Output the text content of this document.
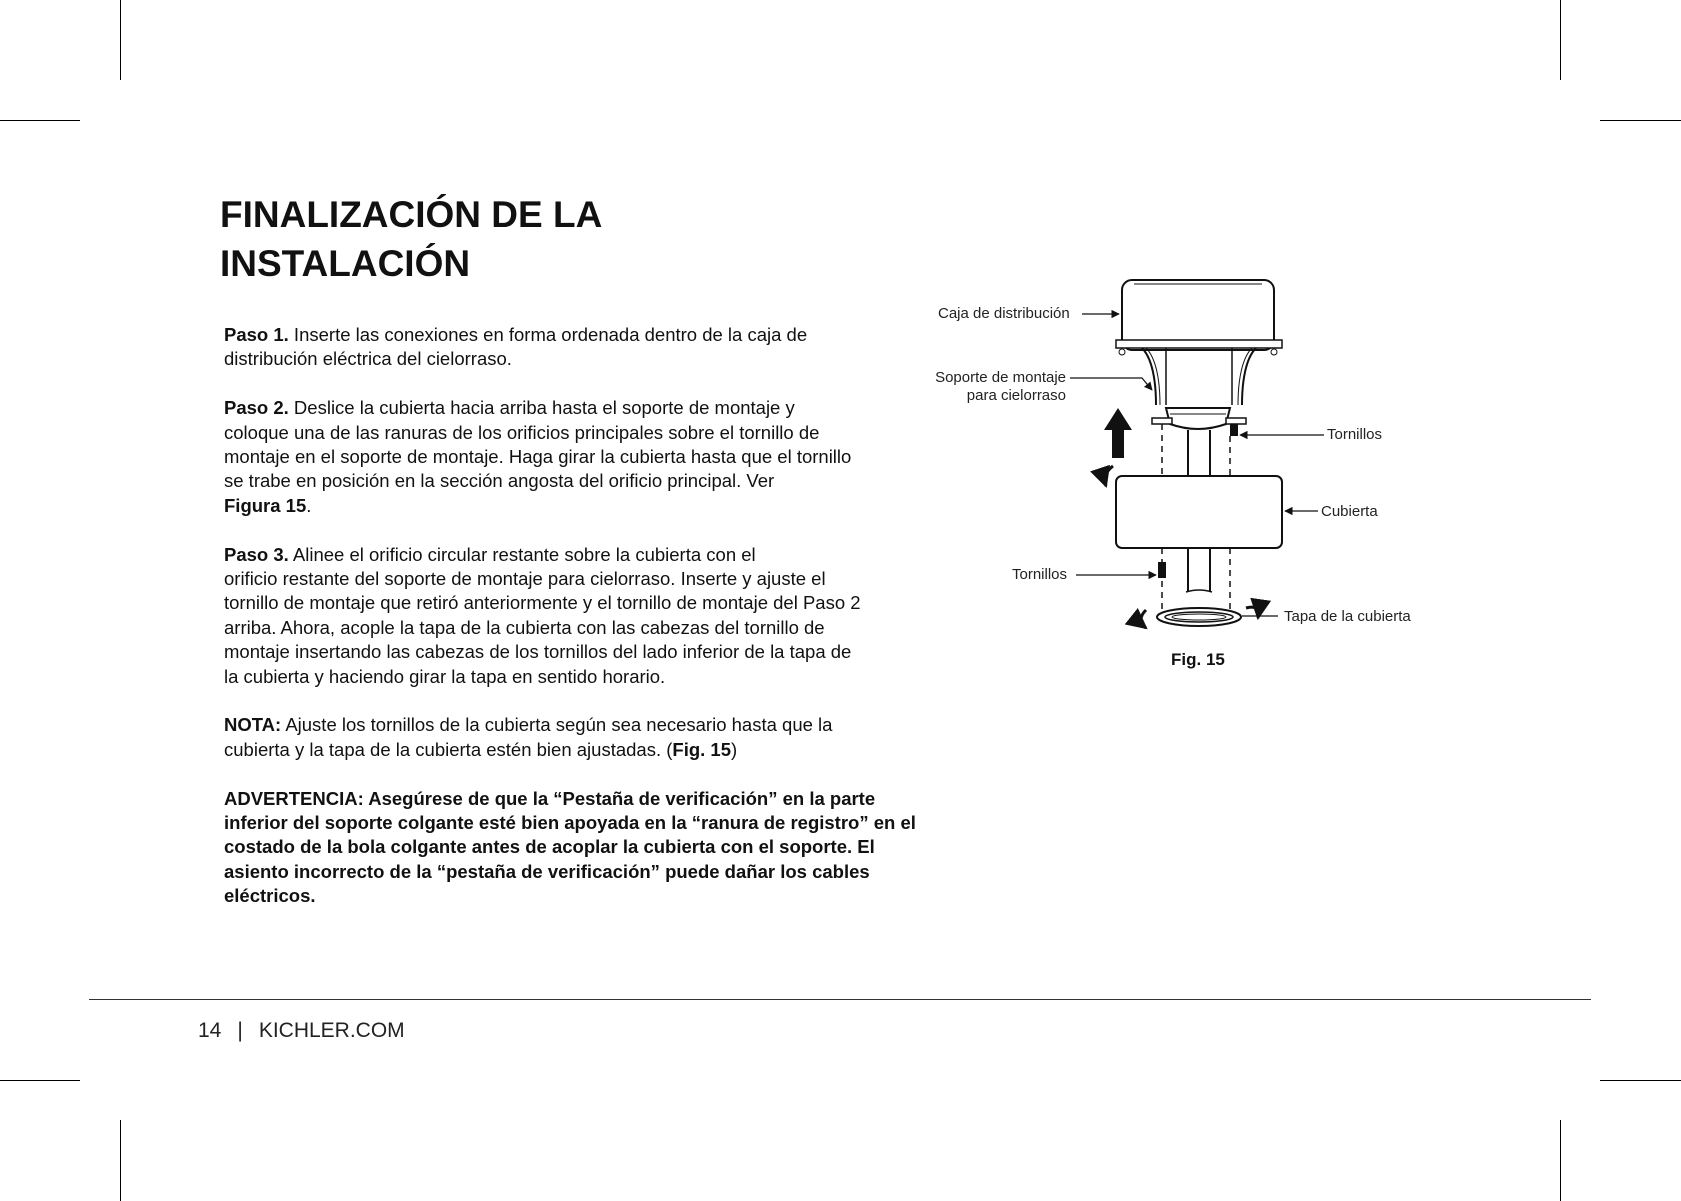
FINALIZACIÓN DE LA
INSTALACIÓN

Paso 1. Inserte las conexiones en forma ordenada dentro de la caja de
distribución eléctrica del cielorraso.

Paso 2. Deslice la cubierta hacia arriba hasta el soporte de montaje y
coloque una de las ranuras de los orificios principales sobre el tornillo de
montaje en el soporte de montaje. Haga girar la cubierta hasta que el tornillo
se trabe en posición en la sección angosta del orificio principal. Ver
Figura 15.

Paso 3. Alinee el orificio circular restante sobre la cubierta con el
orificio restante del soporte de montaje para cielorraso. Inserte y ajuste el
tornillo de montaje que retiró anteriormente y el tornillo de montaje del Paso 2
arriba. Ahora, acople la tapa de la cubierta con las cabezas del tornillo de
montaje insertando las cabezas de los tornillos del lado inferior de la tapa de
la cubierta y haciendo girar la tapa en sentido horario.

NOTA: Ajuste los tornillos de la cubierta según sea necesario hasta que la
cubierta y la tapa de la cubierta estén bien ajustadas. (Fig. 15)

ADVERTENCIA: Asegúrese de que la “Pestaña de verificación” en la parte
inferior del soporte colgante esté bien apoyada en la “ranura de registro” en el
costado de la bola colgante antes de acoplar la cubierta con el soporte. El
asiento incorrecto de la “pestaña de verificación” puede dañar los cables
eléctricos.

Caja de distribución
Soporte de montaje
para cielorraso
Tornillos
Cubierta
Tornillos
Tapa de la cubierta
Fig. 15
14 | KICHLER.COM
